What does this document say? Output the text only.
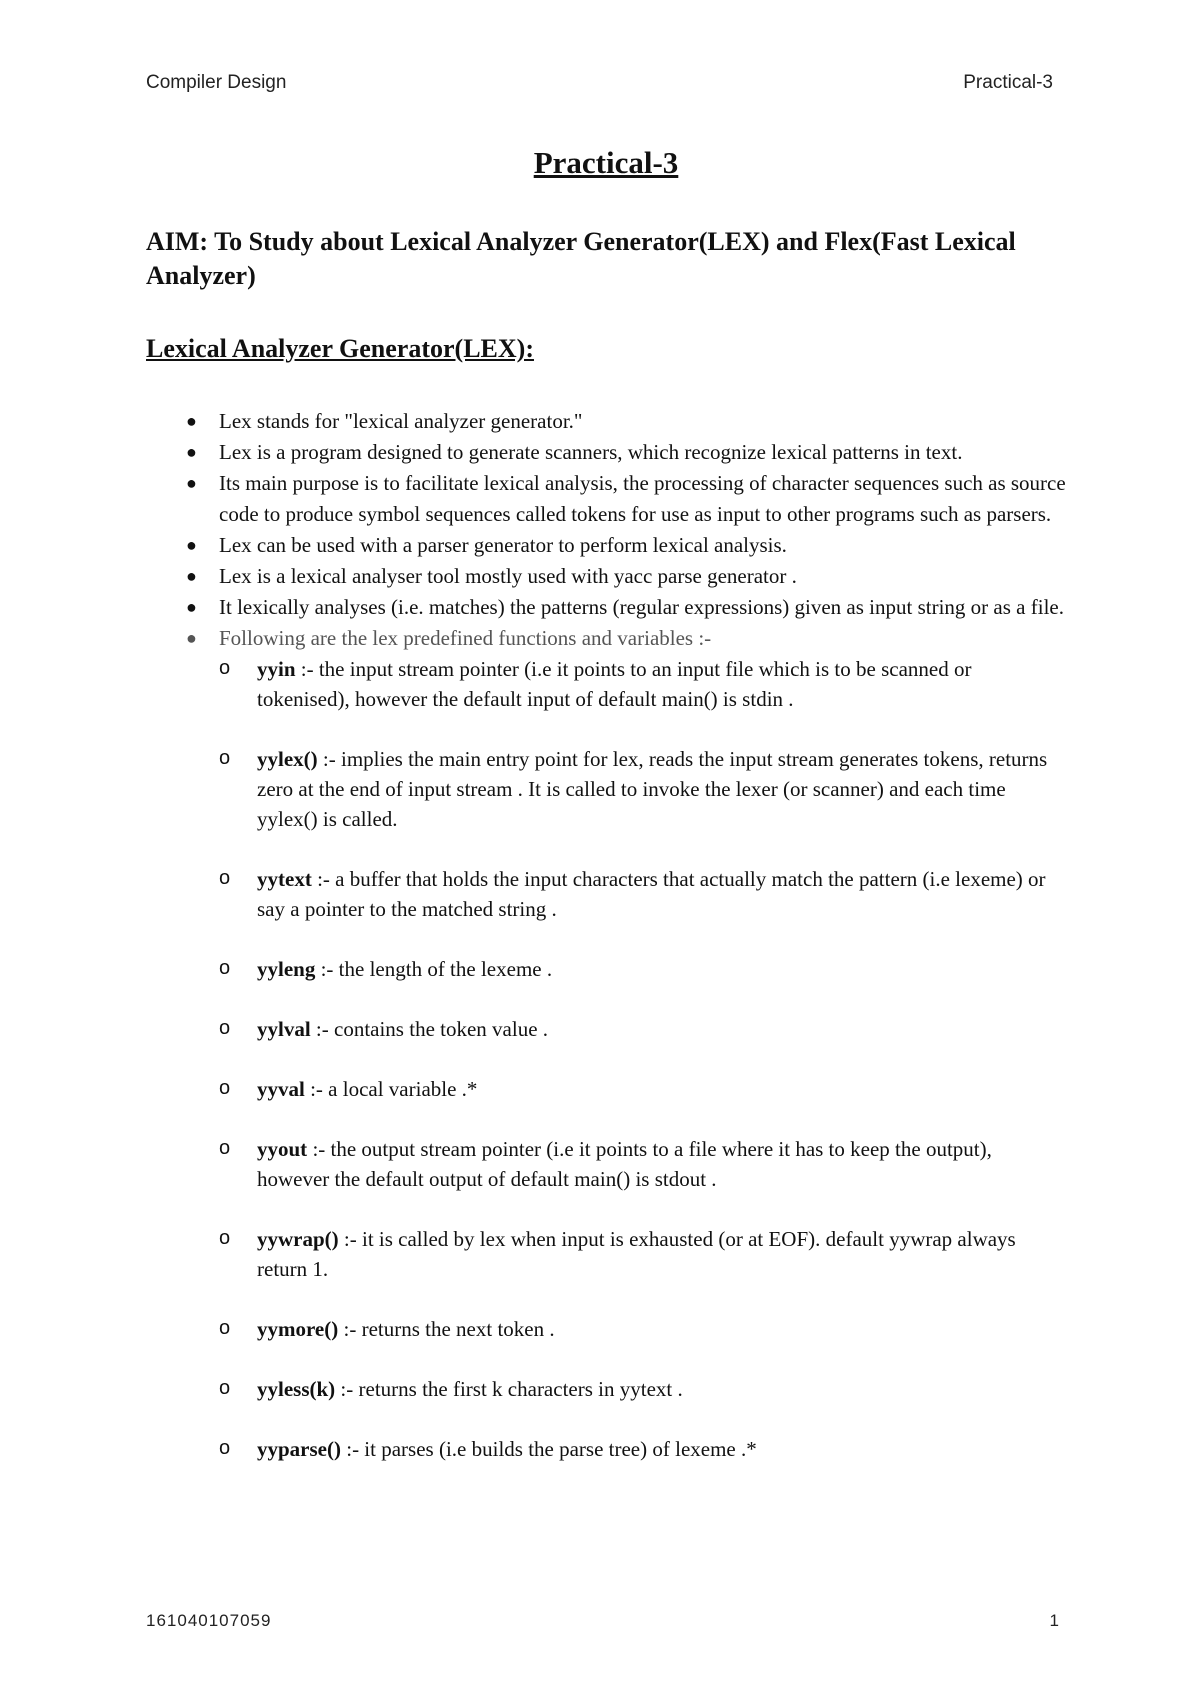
Compiler Design	Practical-3
Practical-3
AIM: To Study about Lexical Analyzer Generator(LEX) and Flex(Fast Lexical Analyzer)
Lexical Analyzer Generator(LEX):
● Lex stands for "lexical analyzer generator."
● Lex is a program designed to generate scanners, which recognize lexical patterns in text.
● Its main purpose is to facilitate lexical analysis, the processing of character sequences such as source code to produce symbol sequences called tokens for use as input to other programs such as parsers.
● Lex can be used with a parser generator to perform lexical analysis.
● Lex is a lexical analyser tool mostly used with yacc parse generator .
● It lexically analyses (i.e. matches) the patterns (regular expressions) given as input string or as a file.
● Following are the lex predefined functions and variables :-
o yyin :- the input stream pointer (i.e it points to an input file which is to be scanned or tokenised), however the default input of default main() is stdin .
o yylex() :- implies the main entry point for lex, reads the input stream generates tokens, returns zero at the end of input stream . It is called to invoke the lexer (or scanner) and each time yylex() is called.
o yytext :- a buffer that holds the input characters that actually match the pattern (i.e lexeme) or say a pointer to the matched string .
o yyleng :- the length of the lexeme .
o yylval :- contains the token value .
o yyval :- a local variable .*
o yyout :- the output stream pointer (i.e it points to a file where it has to keep the output), however the default output of default main() is stdout .
o yywrap() :- it is called by lex when input is exhausted (or at EOF). default yywrap always return 1.
o yymore() :- returns the next token .
o yyless(k) :- returns the first k characters in yytext .
o yyparse() :- it parses (i.e builds the parse tree) of lexeme .*
161040107059	1
